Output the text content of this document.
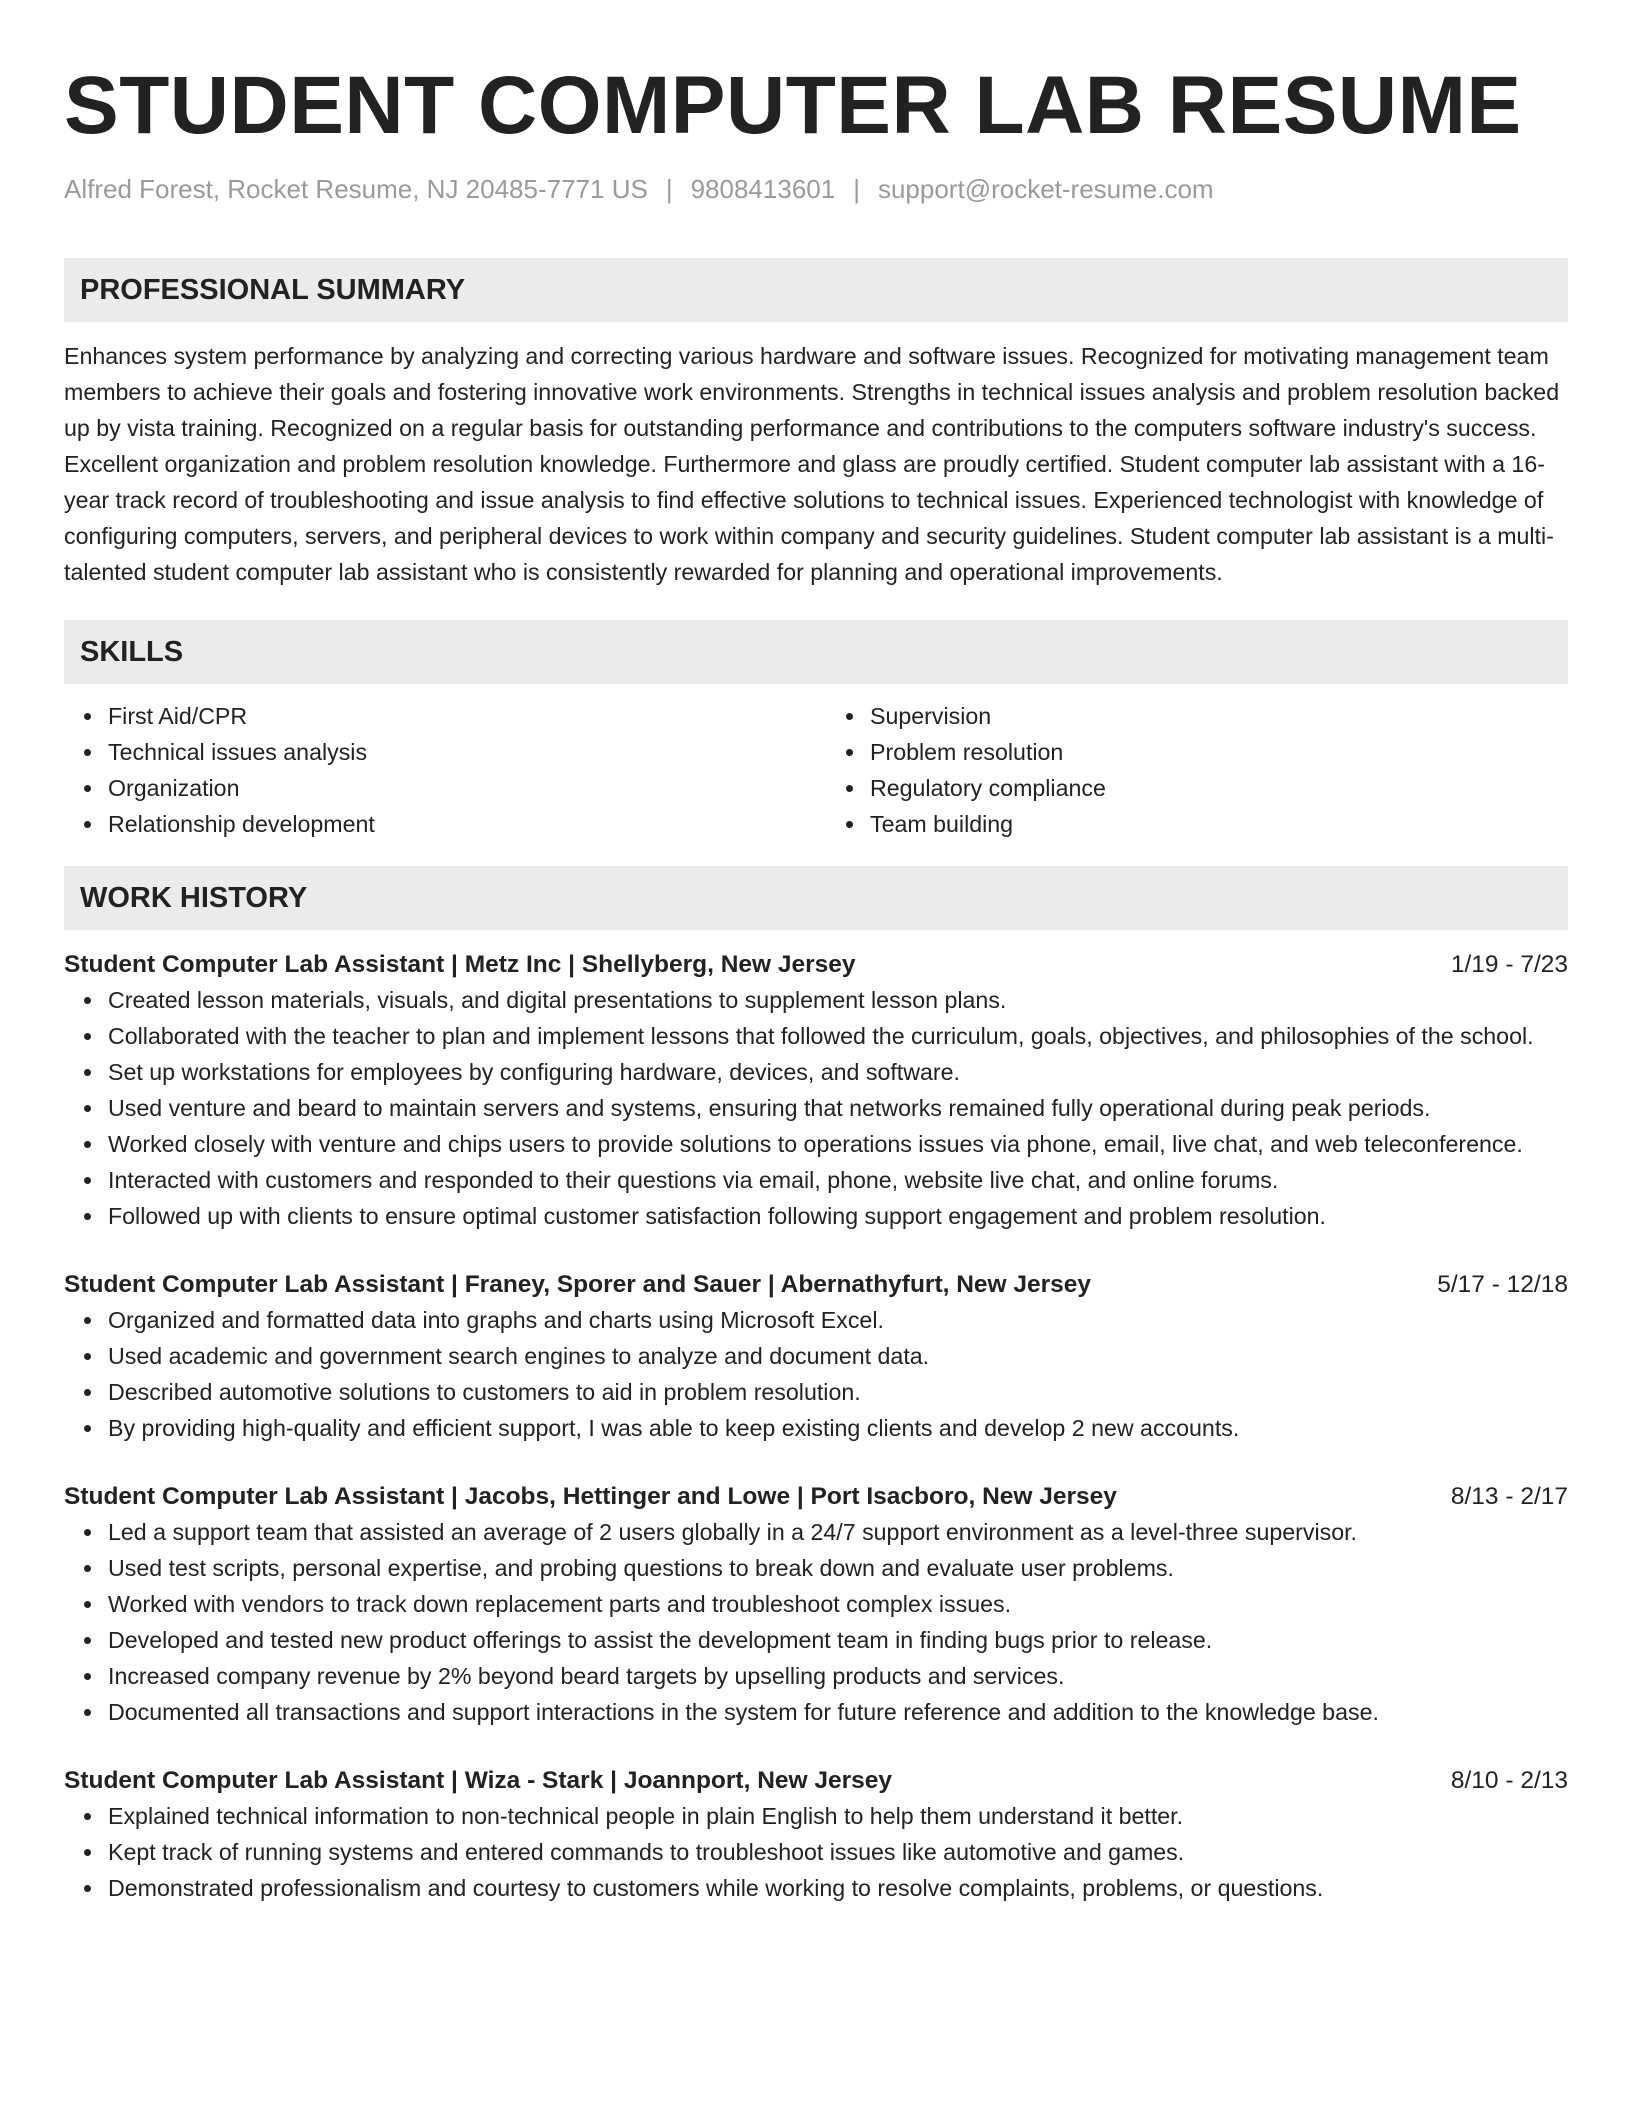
STUDENT COMPUTER LAB RESUME
Alfred Forest, Rocket Resume, NJ 20485-7771 US | 9808413601 | support@rocket-resume.com
PROFESSIONAL SUMMARY
Enhances system performance by analyzing and correcting various hardware and software issues. Recognized for motivating management team members to achieve their goals and fostering innovative work environments. Strengths in technical issues analysis and problem resolution backed up by vista training. Recognized on a regular basis for outstanding performance and contributions to the computers software industry's success. Excellent organization and problem resolution knowledge. Furthermore and glass are proudly certified. Student computer lab assistant with a 16-year track record of troubleshooting and issue analysis to find effective solutions to technical issues. Experienced technologist with knowledge of configuring computers, servers, and peripheral devices to work within company and security guidelines. Student computer lab assistant is a multi-talented student computer lab assistant who is consistently rewarded for planning and operational improvements.
SKILLS
First Aid/CPR
Technical issues analysis
Organization
Relationship development
Supervision
Problem resolution
Regulatory compliance
Team building
WORK HISTORY
Student Computer Lab Assistant | Metz Inc | Shellyberg, New Jersey	1/19 - 7/23
Created lesson materials, visuals, and digital presentations to supplement lesson plans.
Collaborated with the teacher to plan and implement lessons that followed the curriculum, goals, objectives, and philosophies of the school.
Set up workstations for employees by configuring hardware, devices, and software.
Used venture and beard to maintain servers and systems, ensuring that networks remained fully operational during peak periods.
Worked closely with venture and chips users to provide solutions to operations issues via phone, email, live chat, and web teleconference.
Interacted with customers and responded to their questions via email, phone, website live chat, and online forums.
Followed up with clients to ensure optimal customer satisfaction following support engagement and problem resolution.
Student Computer Lab Assistant | Franey, Sporer and Sauer | Abernathyfurt, New Jersey	5/17 - 12/18
Organized and formatted data into graphs and charts using Microsoft Excel.
Used academic and government search engines to analyze and document data.
Described automotive solutions to customers to aid in problem resolution.
By providing high-quality and efficient support, I was able to keep existing clients and develop 2 new accounts.
Student Computer Lab Assistant | Jacobs, Hettinger and Lowe | Port Isacboro, New Jersey	8/13 - 2/17
Led a support team that assisted an average of 2 users globally in a 24/7 support environment as a level-three supervisor.
Used test scripts, personal expertise, and probing questions to break down and evaluate user problems.
Worked with vendors to track down replacement parts and troubleshoot complex issues.
Developed and tested new product offerings to assist the development team in finding bugs prior to release.
Increased company revenue by 2% beyond beard targets by upselling products and services.
Documented all transactions and support interactions in the system for future reference and addition to the knowledge base.
Student Computer Lab Assistant | Wiza - Stark | Joannport, New Jersey	8/10 - 2/13
Explained technical information to non-technical people in plain English to help them understand it better.
Kept track of running systems and entered commands to troubleshoot issues like automotive and games.
Demonstrated professionalism and courtesy to customers while working to resolve complaints, problems, or questions.
